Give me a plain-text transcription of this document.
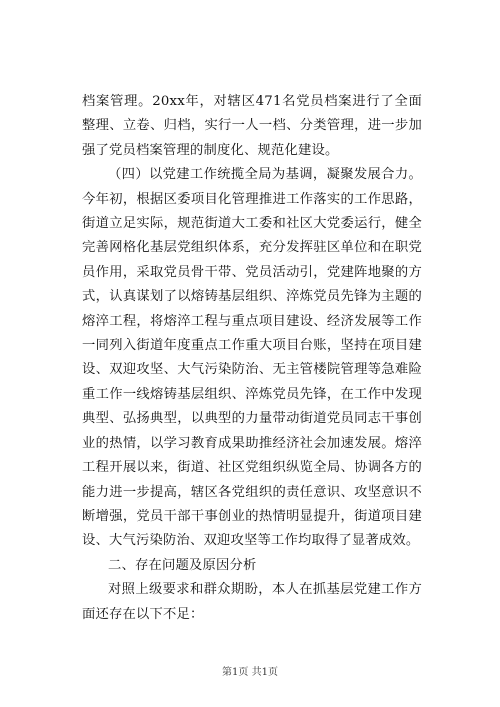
档案管理。20xx年，对辖区471名党员档案进行了全面整理、立卷、归档，实行一人一档、分类管理，进一步加强了党员档案管理的制度化、规范化建设。

（四）以党建工作统揽全局为基调，凝聚发展合力。今年初，根据区委项目化管理推进工作落实的工作思路，街道立足实际，规范街道大工委和社区大党委运行，健全完善网格化基层党组织体系，充分发挥驻区单位和在职党员作用，采取党员骨干带、党员活动引，党建阵地聚的方式，认真谋划了以熔铸基层组织、淬炼党员先锋为主题的熔淬工程，将熔淬工程与重点项目建设、经济发展等工作一同列入街道年度重点工作重大项目台账，坚持在项目建设、双迎攻坚、大气污染防治、无主管楼院管理等急难险重工作一线熔铸基层组织、淬炼党员先锋，在工作中发现典型、弘扬典型，以典型的力量带动街道党员同志干事创业的热情，以学习教育成果助推经济社会加速发展。熔淬工程开展以来，街道、社区党组织纵览全局、协调各方的能力进一步提高，辖区各党组织的责任意识、攻坚意识不断增强，党员干部干事创业的热情明显提升，街道项目建设、大气污染防治、双迎攻坚等工作均取得了显著成效。

二、存在问题及原因分析

对照上级要求和群众期盼，本人在抓基层党建工作方面还存在以下不足：

第1页 共1页
